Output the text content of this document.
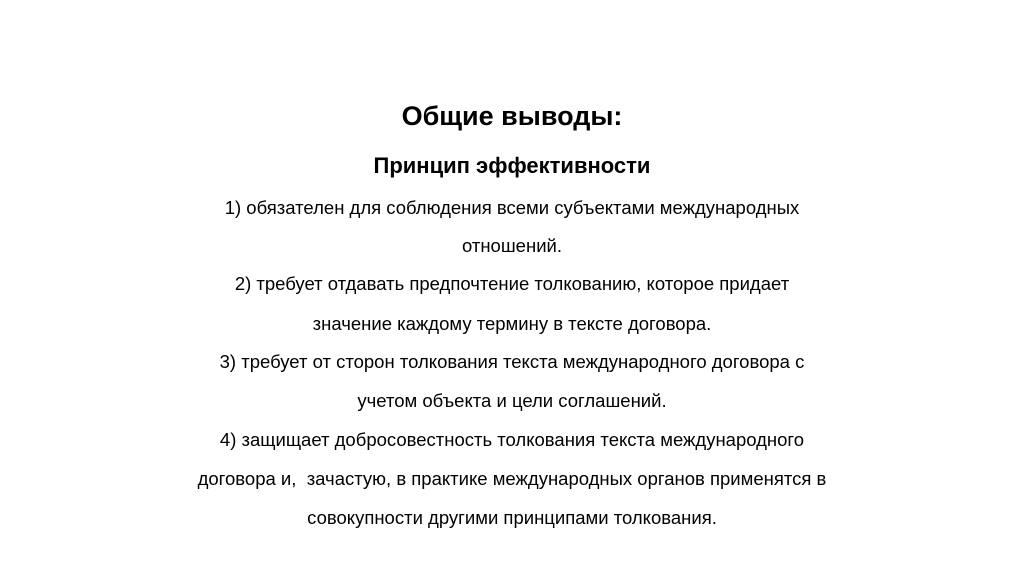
Общие выводы:
Принцип эффективности
1) обязателен для соблюдения всеми субъектами международных
отношений.
2) требует отдавать предпочтение толкованию, которое придает
значение каждому термину в тексте договора.
3) требует от сторон толкования текста международного договора с
учетом объекта и цели соглашений.
4) защищает добросовестность толкования текста международного
договора и,  зачастую, в практике международных органов применятся в
совокупности другими принципами толкования.
